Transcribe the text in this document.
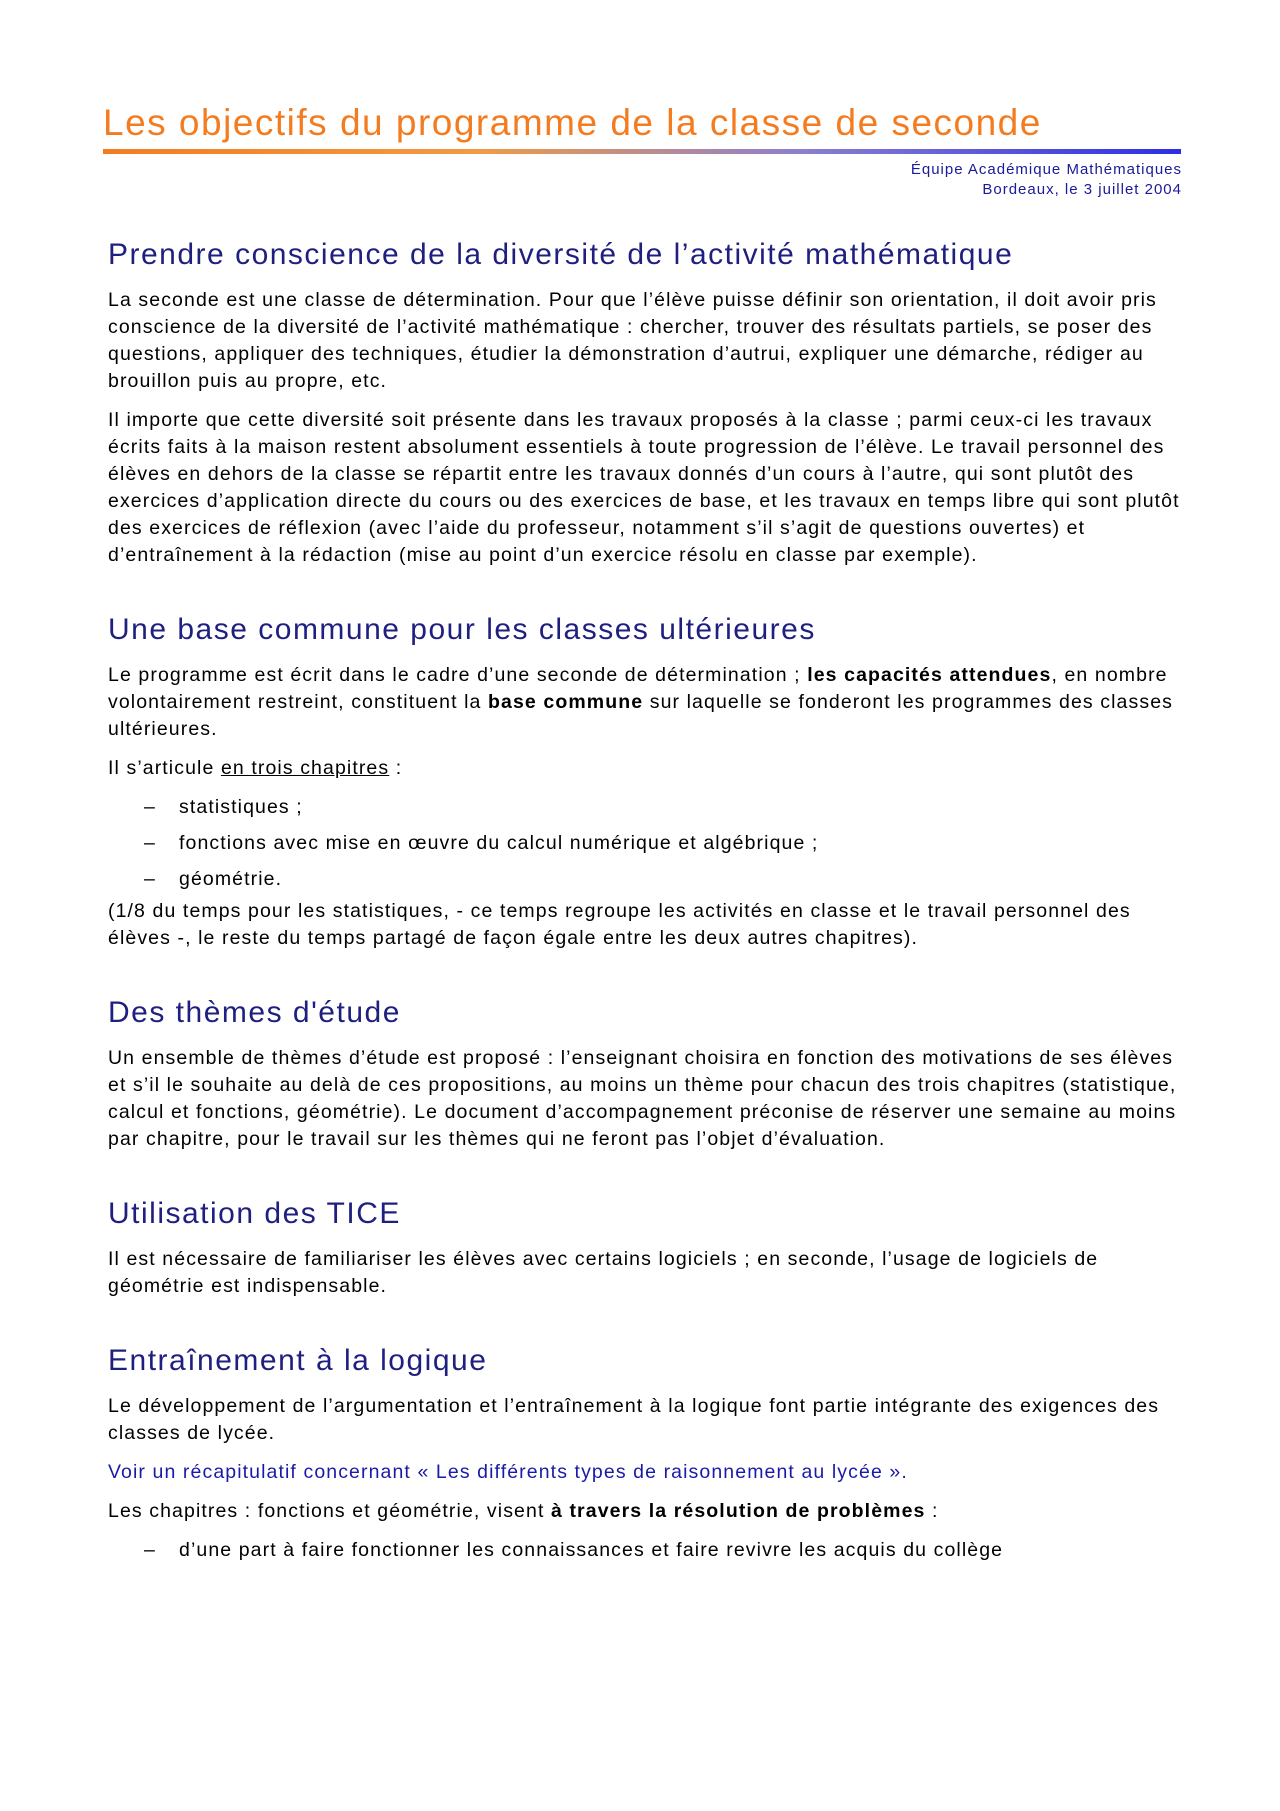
Les objectifs du programme de la classe de seconde
Équipe Académique Mathématiques
Bordeaux, le 3 juillet 2004
Prendre conscience de la diversité de l’activité mathématique

La seconde est une classe de détermination. Pour que l’élève puisse définir son orientation, il doit avoir pris conscience de la diversité de l’activité mathématique : chercher, trouver des résultats partiels, se poser des questions, appliquer des techniques, étudier la démonstration d’autrui, expliquer une démarche, rédiger au brouillon puis au propre, etc.

Il importe que cette diversité soit présente dans les travaux proposés à la classe ; parmi ceux-ci les travaux écrits faits à la maison restent absolument essentiels à toute progression de l’élève. Le travail personnel des élèves en dehors de la classe se répartit entre les travaux donnés d’un cours à l’autre, qui sont plutôt des exercices d’application directe du cours ou des exercices de base, et les travaux en temps libre qui sont plutôt des exercices de réflexion (avec l’aide du professeur, notamment s’il s’agit de questions ouvertes) et d’entraînement à la rédaction (mise au point d’un exercice résolu en classe par exemple).

Une base commune pour les classes ultérieures

Le programme est écrit dans le cadre d’une seconde de détermination ; les capacités attendues, en nombre volontairement restreint, constituent la base commune sur laquelle se fonderont les programmes des classes ultérieures.

Il s’articule en trois chapitres :

– statistiques ;
– fonctions avec mise en œuvre du calcul numérique et algébrique ;
– géométrie.

(1/8 du temps pour les statistiques, - ce temps regroupe les activités en classe et le travail personnel des élèves -, le reste du temps partagé de façon égale entre les deux autres chapitres).

Des thèmes d'étude

Un ensemble de thèmes d’étude est proposé : l’enseignant choisira en fonction des motivations de ses élèves et s’il le souhaite au delà de ces propositions, au moins un thème pour chacun des trois chapitres (statistique, calcul et fonctions, géométrie). Le document d’accompagnement préconise de réserver une semaine au moins par chapitre, pour le travail sur les thèmes qui ne feront pas l’objet d’évaluation.

Utilisation des TICE

Il est nécessaire de familiariser les élèves avec certains logiciels ; en seconde, l’usage de logiciels de géométrie est indispensable.

Entraînement à la logique

Le développement de l’argumentation et l’entraînement à la logique font partie intégrante des exigences des classes de lycée.

Voir un récapitulatif concernant « Les différents types de raisonnement au lycée ».

Les chapitres : fonctions et géométrie, visent à travers la résolution de problèmes :

– d’une part à faire fonctionner les connaissances et faire revivre les acquis du collège
